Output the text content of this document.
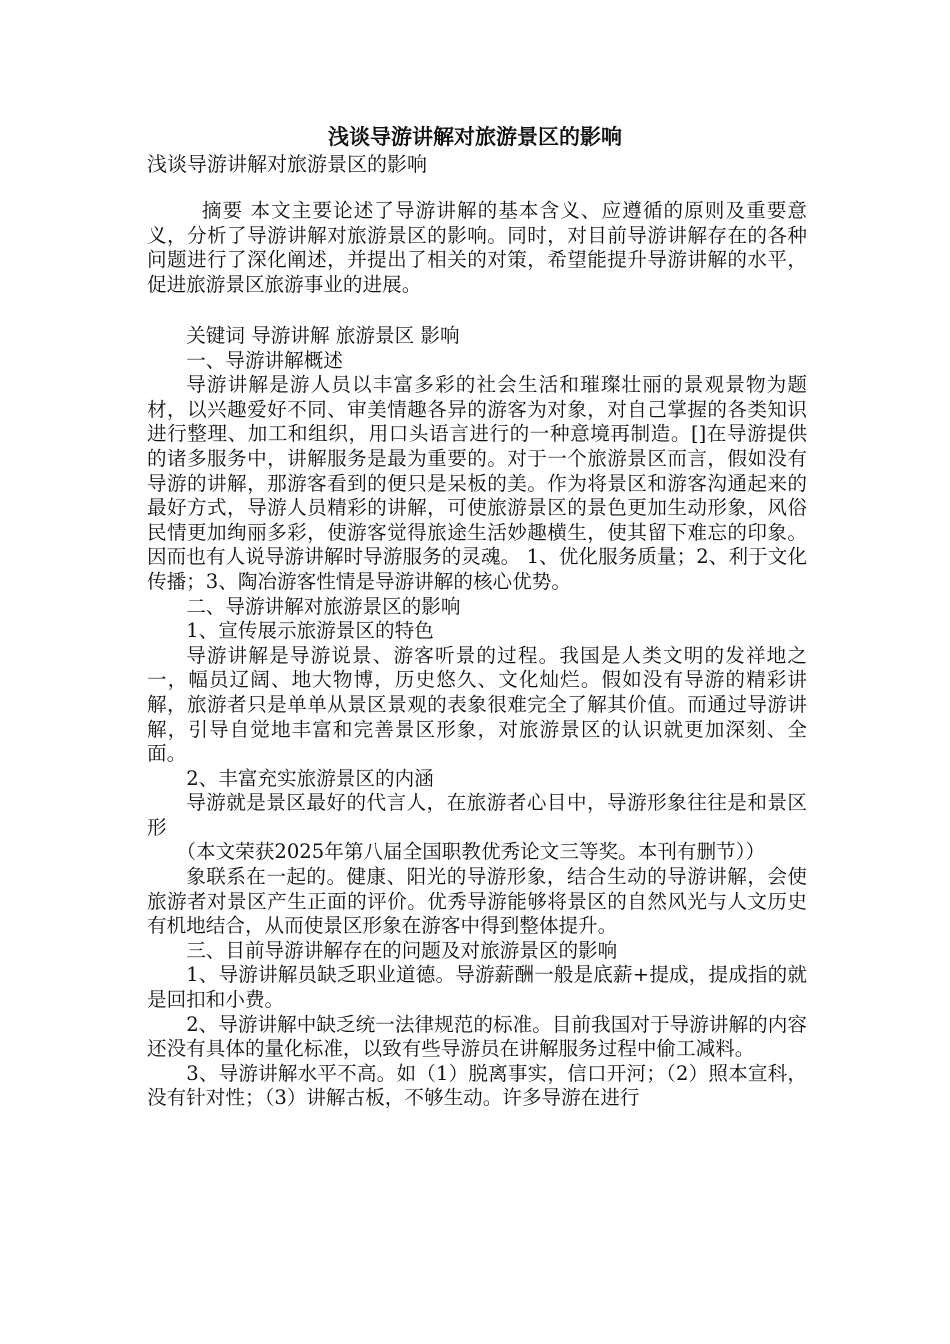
浅谈导游讲解对旅游景区的影响
浅谈导游讲解对旅游景区的影响

摘要 本文主要论述了导游讲解的基本含义、应遵循的原则及重要意义，分析了导游讲解对旅游景区的影响。同时，对目前导游讲解存在的各种问题进行了深化阐述，并提出了相关的对策，希望能提升导游讲解的水平，促进旅游景区旅游事业的进展。

关键词 导游讲解 旅游景区 影响

一、导游讲解概述

导游讲解是游人员以丰富多彩的社会生活和璀璨壮丽的景观景物为题材，以兴趣爱好不同、审美情趣各异的游客为对象，对自己掌握的各类知识进行整理、加工和组织，用口头语言进行的一种意境再制造。[]在导游提供的诸多服务中，讲解服务是最为重要的。对于一个旅游景区而言，假如没有导游的讲解，那游客看到的便只是呆板的美。作为将景区和游客沟通起来的最好方式，导游人员精彩的讲解，可使旅游景区的景色更加生动形象，风俗民情更加绚丽多彩，使游客觉得旅途生活妙趣横生，使其留下难忘的印象。因而也有人说导游讲解时导游服务的灵魂。 1、优化服务质量；2、利于文化传播；3、陶冶游客性情是导游讲解的核心优势。

二、导游讲解对旅游景区的影响

1、宣传展示旅游景区的特色

导游讲解是导游说景、游客听景的过程。我国是人类文明的发祥地之一，幅员辽阔、地大物博，历史悠久、文化灿烂。假如没有导游的精彩讲解，旅游者只是单单从景区景观的表象很难完全了解其价值。而通过导游讲解，引导自觉地丰富和完善景区形象，对旅游景区的认识就更加深刻、全面。

2、丰富充实旅游景区的内涵

导游就是景区最好的代言人，在旅游者心目中，导游形象往往是和景区形

（本文荣获2025年第八届全国职教优秀论文三等奖。本刊有删节））

象联系在一起的。健康、阳光的导游形象，结合生动的导游讲解，会使旅游者对景区产生正面的评价。优秀导游能够将景区的自然风光与人文历史有机地结合，从而使景区形象在游客中得到整体提升。

三、目前导游讲解存在的问题及对旅游景区的影响

1、导游讲解员缺乏职业道德。导游薪酬一般是底薪+提成，提成指的就是回扣和小费。

2、导游讲解中缺乏统一法律规范的标准。目前我国对于导游讲解的内容还没有具体的量化标准，以致有些导游员在讲解服务过程中偷工减料。

3、导游讲解水平不高。如（1）脱离事实，信口开河；（2）照本宣科，没有针对性；（3）讲解古板，不够生动。许多导游在进行
